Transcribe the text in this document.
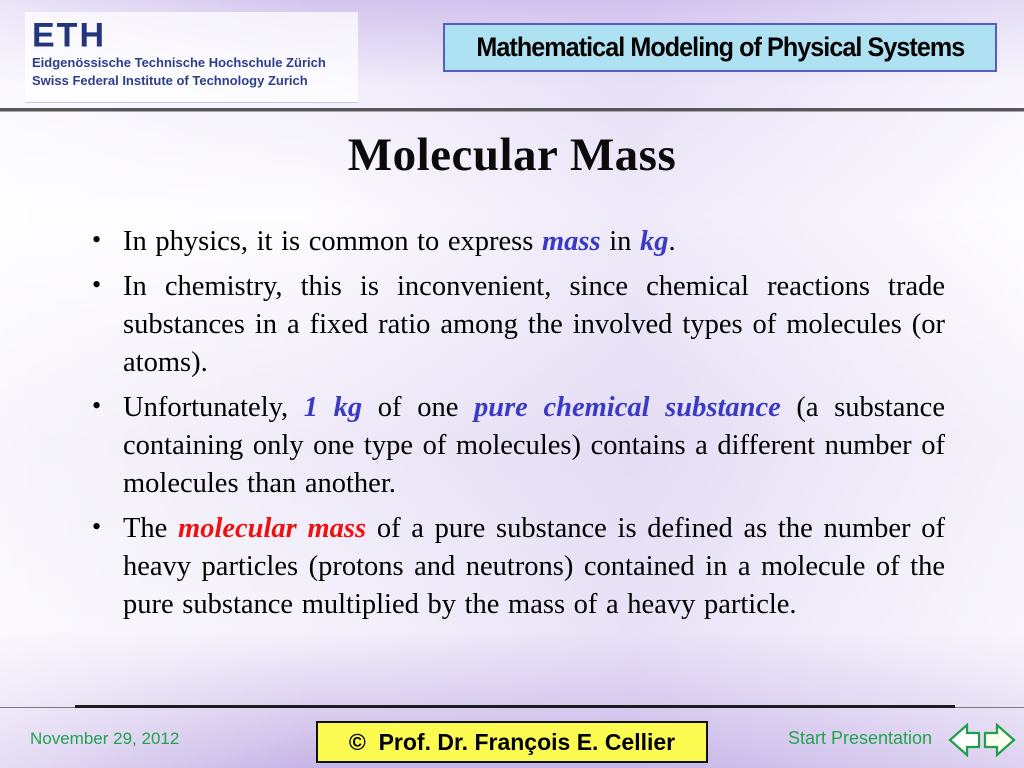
ETH
Eidgenössische Technische Hochschule Zürich
Swiss Federal Institute of Technology Zurich
Mathematical Modeling of Physical Systems
Molecular Mass
• In physics, it is common to express mass in kg.
• In chemistry, this is inconvenient, since chemical reactions trade substances in a fixed ratio among the involved types of molecules (or atoms).
• Unfortunately, 1 kg of one pure chemical substance (a substance containing only one type of molecules) contains a different number of molecules than another.
• The molecular mass of a pure substance is defined as the number of heavy particles (protons and neutrons) contained in a molecule of the pure substance multiplied by the mass of a heavy particle.
November 29, 2012	©  Prof. Dr. François E. Cellier	Start Presentation
